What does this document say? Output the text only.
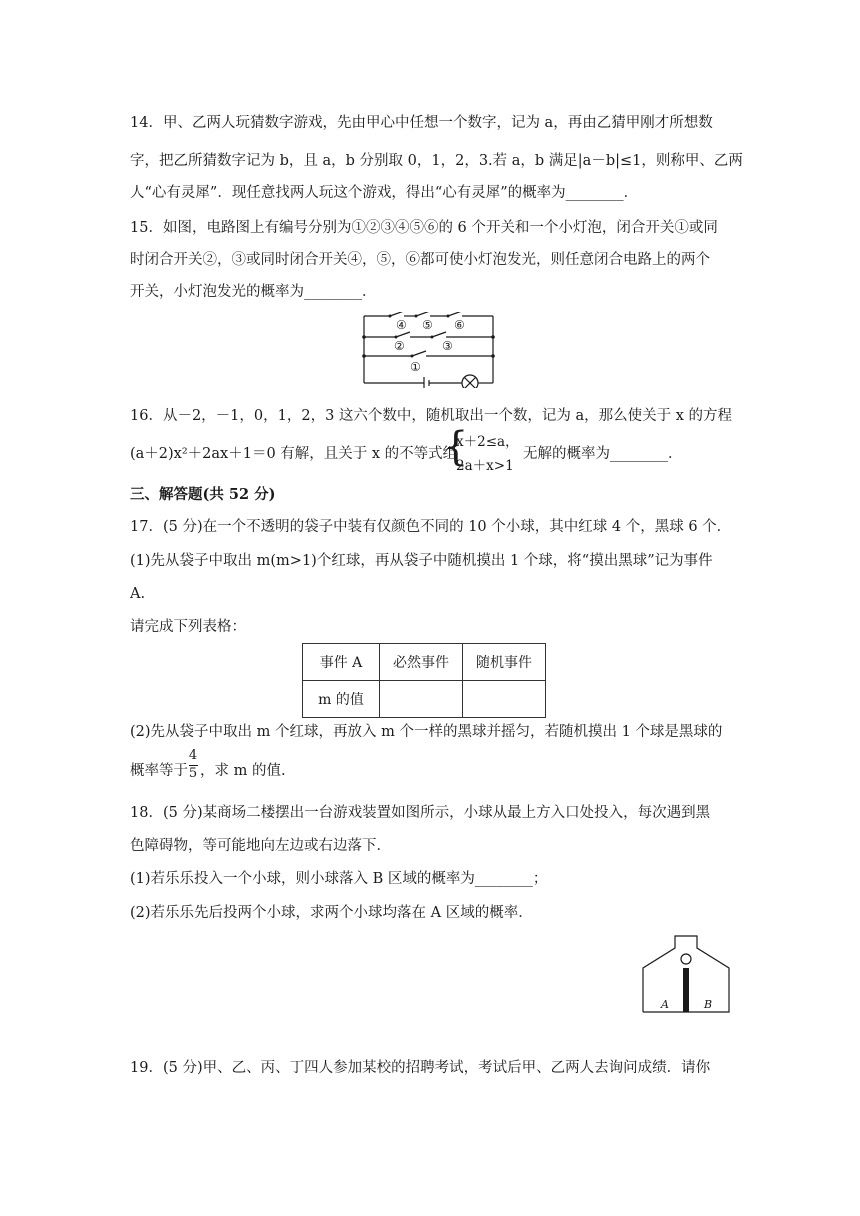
14．甲、乙两人玩猜数字游戏，先由甲心中任想一个数字，记为 a，再由乙猜甲刚才所想数
字，把乙所猜数字记为 b，且 a，b 分别取 0，1，2，3.若 a，b 满足|a－b|≤1，则称甲、乙两
人“心有灵犀”．现任意找两人玩这个游戏，得出“心有灵犀”的概率为________．
15．如图，电路图上有编号分别为①②③④⑤⑥的 6 个开关和一个小灯泡，闭合开关①或同
时闭合开关②，③或同时闭合开关④，⑤，⑥都可使小灯泡发光，则任意闭合电路上的两个
开关，小灯泡发光的概率为________．
④ ⑤ ⑥
②	③
①
16．从－2，－1，0，1，2，3 这六个数中，随机取出一个数，记为 a，那么使关于 x 的方程
(a＋2)x²＋2ax＋1＝0 有解，且关于 x 的不等式组
{
x＋2≤a，
2a＋x>1
无解的概率为________．
三、解答题(共 52 分)
17．(5 分)在一个不透明的袋子中装有仅颜色不同的 10 个小球，其中红球 4 个，黑球 6 个．
(1)先从袋子中取出 m(m>1)个红球，再从袋子中随机摸出 1 个球，将“摸出黑球”记为事件
A.
请完成下列表格：
事件 A	必然事件	随机事件
m 的值		
(2)先从袋子中取出 m 个红球，再放入 m 个一样的黑球并摇匀，若随机摸出 1 个球是黑球的
概率等于
4
5 ，求 m 的值.
18．(5 分)某商场二楼摆出一台游戏装置如图所示，小球从最上方入口处投入，每次遇到黑
色障碍物，等可能地向左边或右边落下．
(1)若乐乐投入一个小球，则小球落入 B 区域的概率为________；
(2)若乐乐先后投两个小球，求两个小球均落在 A 区域的概率．
A	B
19．(5 分)甲、乙、丙、丁四人参加某校的招聘考试，考试后甲、乙两人去询问成绩．请你
